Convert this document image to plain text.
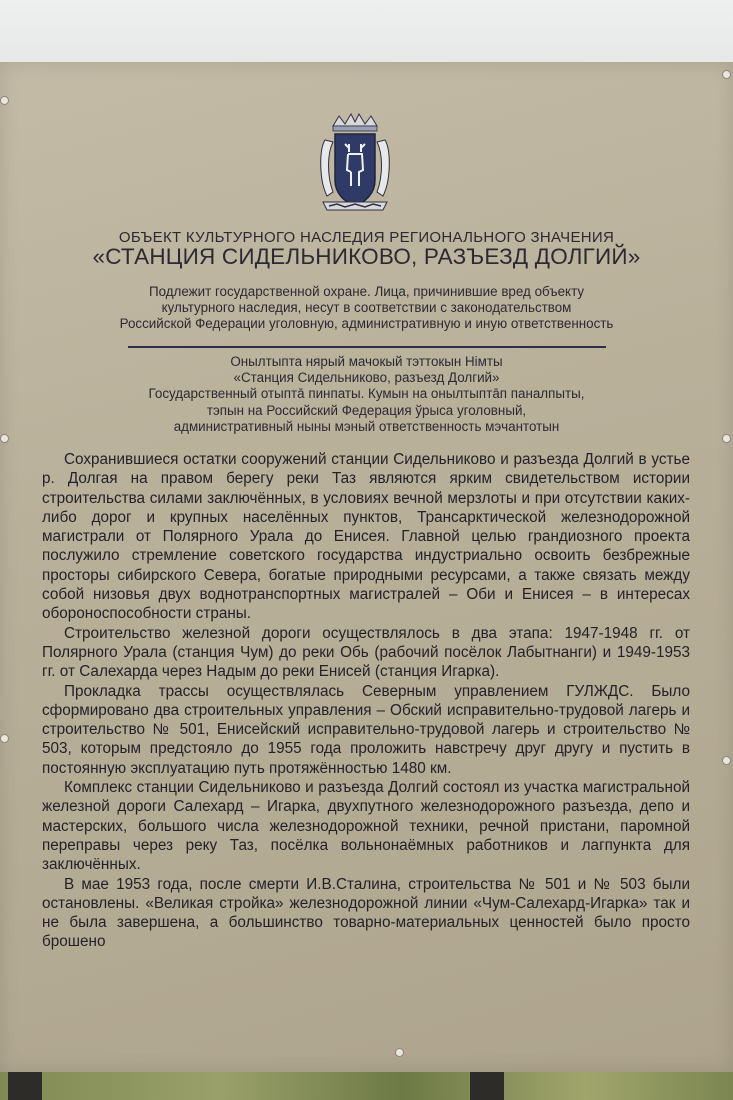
ОБЪЕКТ КУЛЬТУРНОГО НАСЛЕДИЯ РЕГИОНАЛЬНОГО ЗНАЧЕНИЯ
«СТАНЦИЯ СИДЕЛЬНИКОВО, РАЗЪЕЗД ДОЛГИЙ»
Подлежит государственной охране. Лица, причинившие вред объекту
культурного наследия, несут в соответствии с законодательством
Российской Федерации уголовную, административную и иную ответственность
Онылтыпта нярый мачокый тэттокын Нiмты
«Станция Сидельниково, разъезд Долгий»
Государственный отыптā пинпаты. Кумын на онылтыптāп паналпыты,
тэпын на Российский Федерация ўрыса уголовный,
административный ныны мэный ответственность мэчантотын

Сохранившиеся остатки сооружений станции Сидельниково и разъезда Долгий в устье р. Долгая на правом берегу реки Таз являются ярким свидетельством истории строительства силами заключённых, в условиях вечной мерзлоты и при отсутствии каких-либо дорог и крупных населённых пунктов, Трансарктической железнодорожной магистрали от Полярного Урала до Енисея. Главной целью грандиозного проекта послужило стремление советского государства индустриально освоить безбрежные просторы сибирского Севера, богатые природными ресурсами, а также связать между собой низовья двух воднотранспортных магистралей – Оби и Енисея – в интересах обороноспособности страны.

Строительство железной дороги осуществлялось в два этапа: 1947-1948 гг. от Полярного Урала (станция Чум) до реки Обь (рабочий посёлок Лабытнанги) и 1949-1953 гг. от Салехарда через Надым до реки Енисей (станция Игарка).

Прокладка трассы осуществлялась Северным управлением ГУЛЖДС. Было сформировано два строительных управления – Обский исправительно-трудовой лагерь и строительство № 501, Енисейский исправительно-трудовой лагерь и строительство № 503, которым предстояло до 1955 года проложить навстречу друг другу и пустить в постоянную эксплуатацию путь протяжённостью 1480 км.

Комплекс станции Сидельниково и разъезда Долгий состоял из участка магистральной железной дороги Салехард – Игарка, двухпутного железнодорожного разъезда, депо и мастерских, большого числа железнодорожной техники, речной пристани, паромной переправы через реку Таз, посёлка вольнонаёмных работников и лагпункта для заключённых.

В мае 1953 года, после смерти И.В.Сталина, строительства № 501 и № 503 были остановлены. «Великая стройка» железнодорожной линии «Чум-Салехард-Игарка» так и не была завершена, а большинство товарно-материальных ценностей было просто брошено
